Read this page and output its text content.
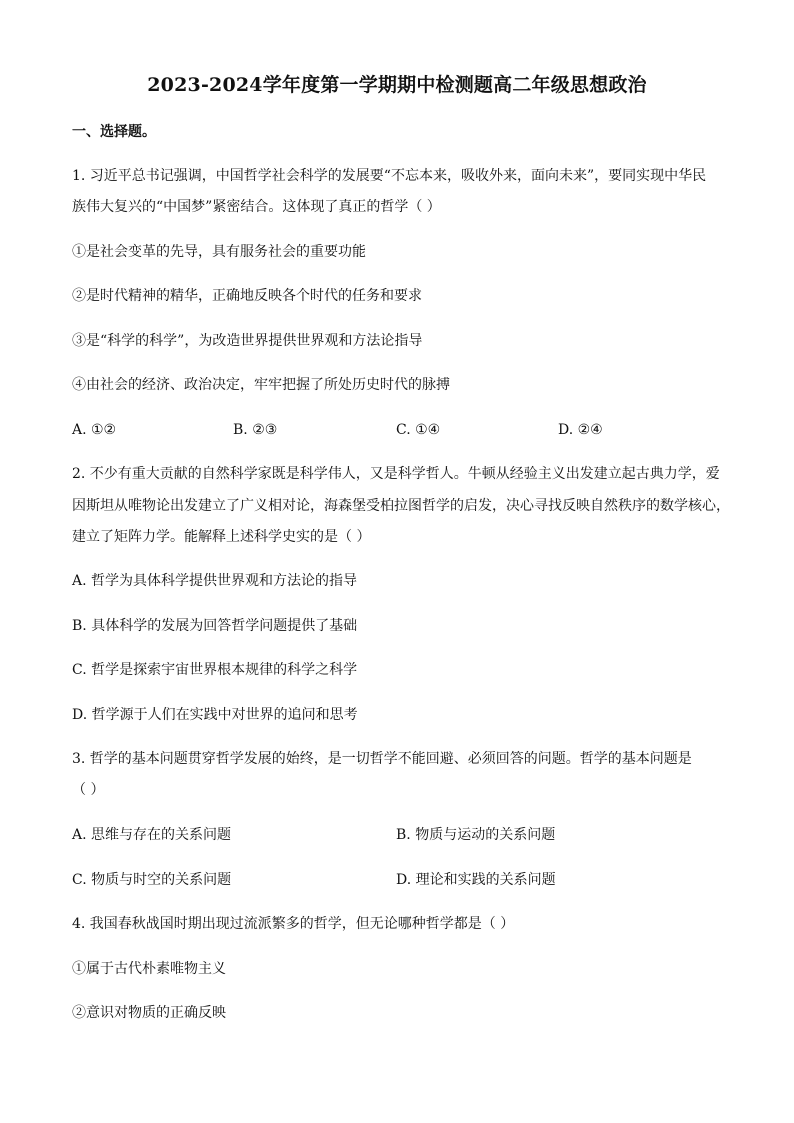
2023-2024学年度第一学期期中检测题高二年级思想政治
一、选择题。
1. 习近平总书记强调，中国哲学社会科学的发展要“不忘本来，吸收外来，面向未来”，要同实现中华民
族伟大复兴的“中国梦”紧密结合。这体现了真正的哲学（ ）
①是社会变革的先导，具有服务社会的重要功能
②是时代精神的精华，正确地反映各个时代的任务和要求
③是“科学的科学”，为改造世界提供世界观和方法论指导
④由社会的经济、政治决定，牢牢把握了所处历史时代的脉搏
A. ①②	B. ②③	C. ①④	D. ②④
2. 不少有重大贡献的自然科学家既是科学伟人，又是科学哲人。牛顿从经验主义出发建立起古典力学，爱
因斯坦从唯物论出发建立了广义相对论，海森堡受柏拉图哲学的启发，决心寻找反映自然秩序的数学核心，
建立了矩阵力学。能解释上述科学史实的是（ ）
A. 哲学为具体科学提供世界观和方法论的指导
B. 具体科学的发展为回答哲学问题提供了基础
C. 哲学是探索宇宙世界根本规律的科学之科学
D. 哲学源于人们在实践中对世界的追问和思考
3. 哲学的基本问题贯穿哲学发展的始终，是一切哲学不能回避、必须回答的问题。哲学的基本问题是
（ ）
A. 思维与存在的关系问题	B. 物质与运动的关系问题
C. 物质与时空的关系问题	D. 理论和实践的关系问题
4. 我国春秋战国时期出现过流派繁多的哲学，但无论哪种哲学都是（ ）
①属于古代朴素唯物主义
②意识对物质的正确反映
